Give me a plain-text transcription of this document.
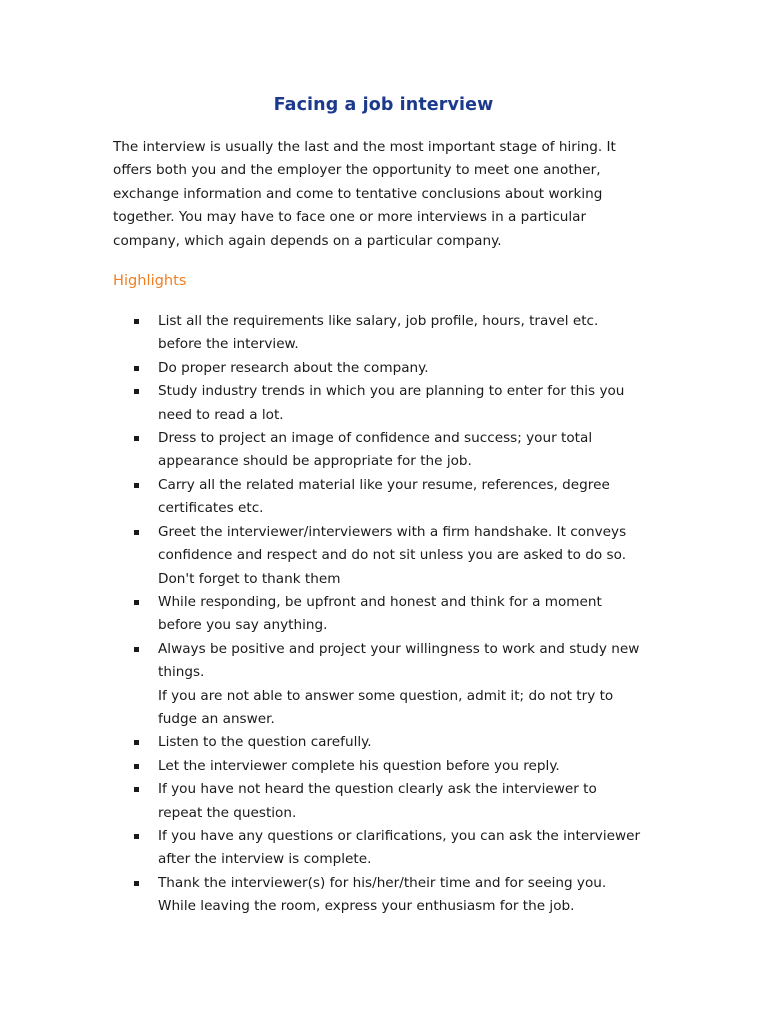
Facing a job interview

The interview is usually the last and the most important stage of hiring. It
offers both you and the employer the opportunity to meet one another,
exchange information and come to tentative conclusions about working
together. You may have to face one or more interviews in a particular
company, which again depends on a particular company.

Highlights
List all the requirements like salary, job profile, hours, travel etc.
before the interview.
Do proper research about the company.
Study industry trends in which you are planning to enter for this you
need to read a lot.
Dress to project an image of confidence and success; your total
appearance should be appropriate for the job.
Carry all the related material like your resume, references, degree
certificates etc.
Greet the interviewer/interviewers with a firm handshake. It conveys
confidence and respect and do not sit unless you are asked to do so.
Don't forget to thank them
While responding, be upfront and honest and think for a moment
before you say anything.
Always be positive and project your willingness to work and study new
things.
If you are not able to answer some question, admit it; do not try to
fudge an answer.
Listen to the question carefully.
Let the interviewer complete his question before you reply.
If you have not heard the question clearly ask the interviewer to
repeat the question.
If you have any questions or clarifications, you can ask the interviewer
after the interview is complete.
Thank the interviewer(s) for his/her/their time and for seeing you.
While leaving the room, express your enthusiasm for the job.
